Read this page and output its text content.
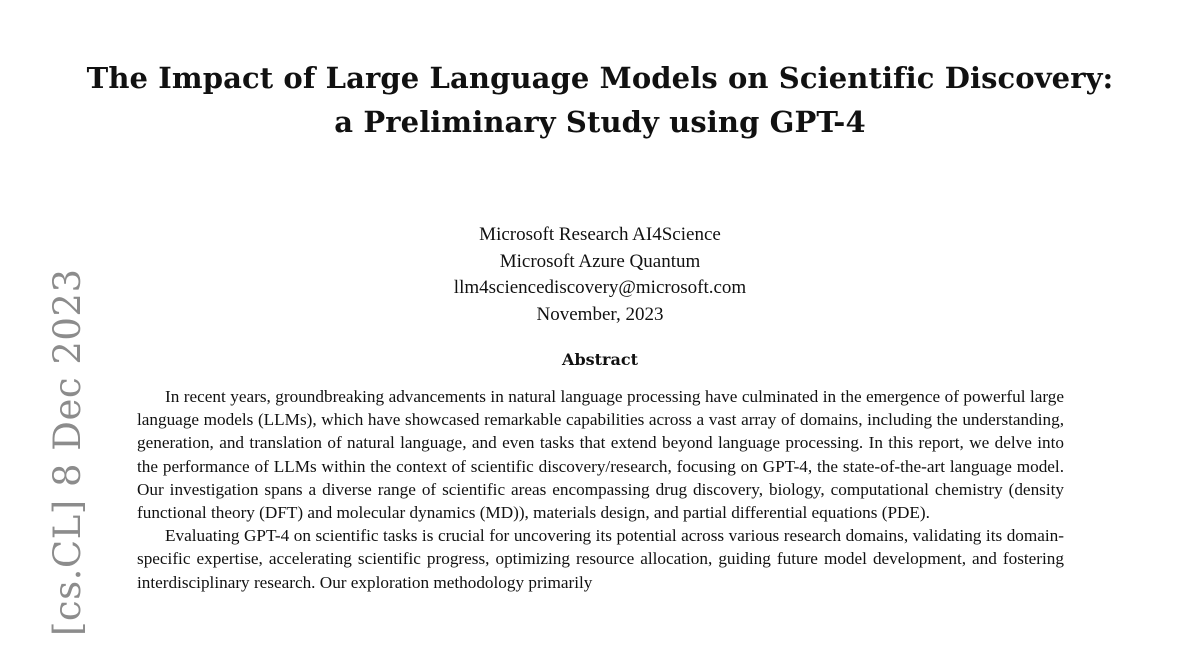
[cs.CL] 8 Dec 2023
The Impact of Large Language Models on Scientific Discovery:
a Preliminary Study using GPT-4
Microsoft Research AI4Science
Microsoft Azure Quantum
llm4sciencediscovery@microsoft.com
November, 2023
Abstract

In recent years, groundbreaking advancements in natural language processing have culminated in the emergence of powerful large language models (LLMs), which have showcased remarkable capabilities across a vast array of domains, including the understanding, generation, and translation of natural language, and even tasks that extend beyond language processing. In this report, we delve into the performance of LLMs within the context of scientific discovery/research, focusing on GPT-4, the state-of-the-art language model. Our investigation spans a diverse range of scientific areas encompassing drug discovery, biology, computational chemistry (density functional theory (DFT) and molecular dynamics (MD)), materials design, and partial differential equations (PDE).

Evaluating GPT-4 on scientific tasks is crucial for uncovering its potential across various research domains, validating its domain-specific expertise, accelerating scientific progress, optimizing resource allocation, guiding future model development, and fostering interdisciplinary research. Our exploration methodology primarily
